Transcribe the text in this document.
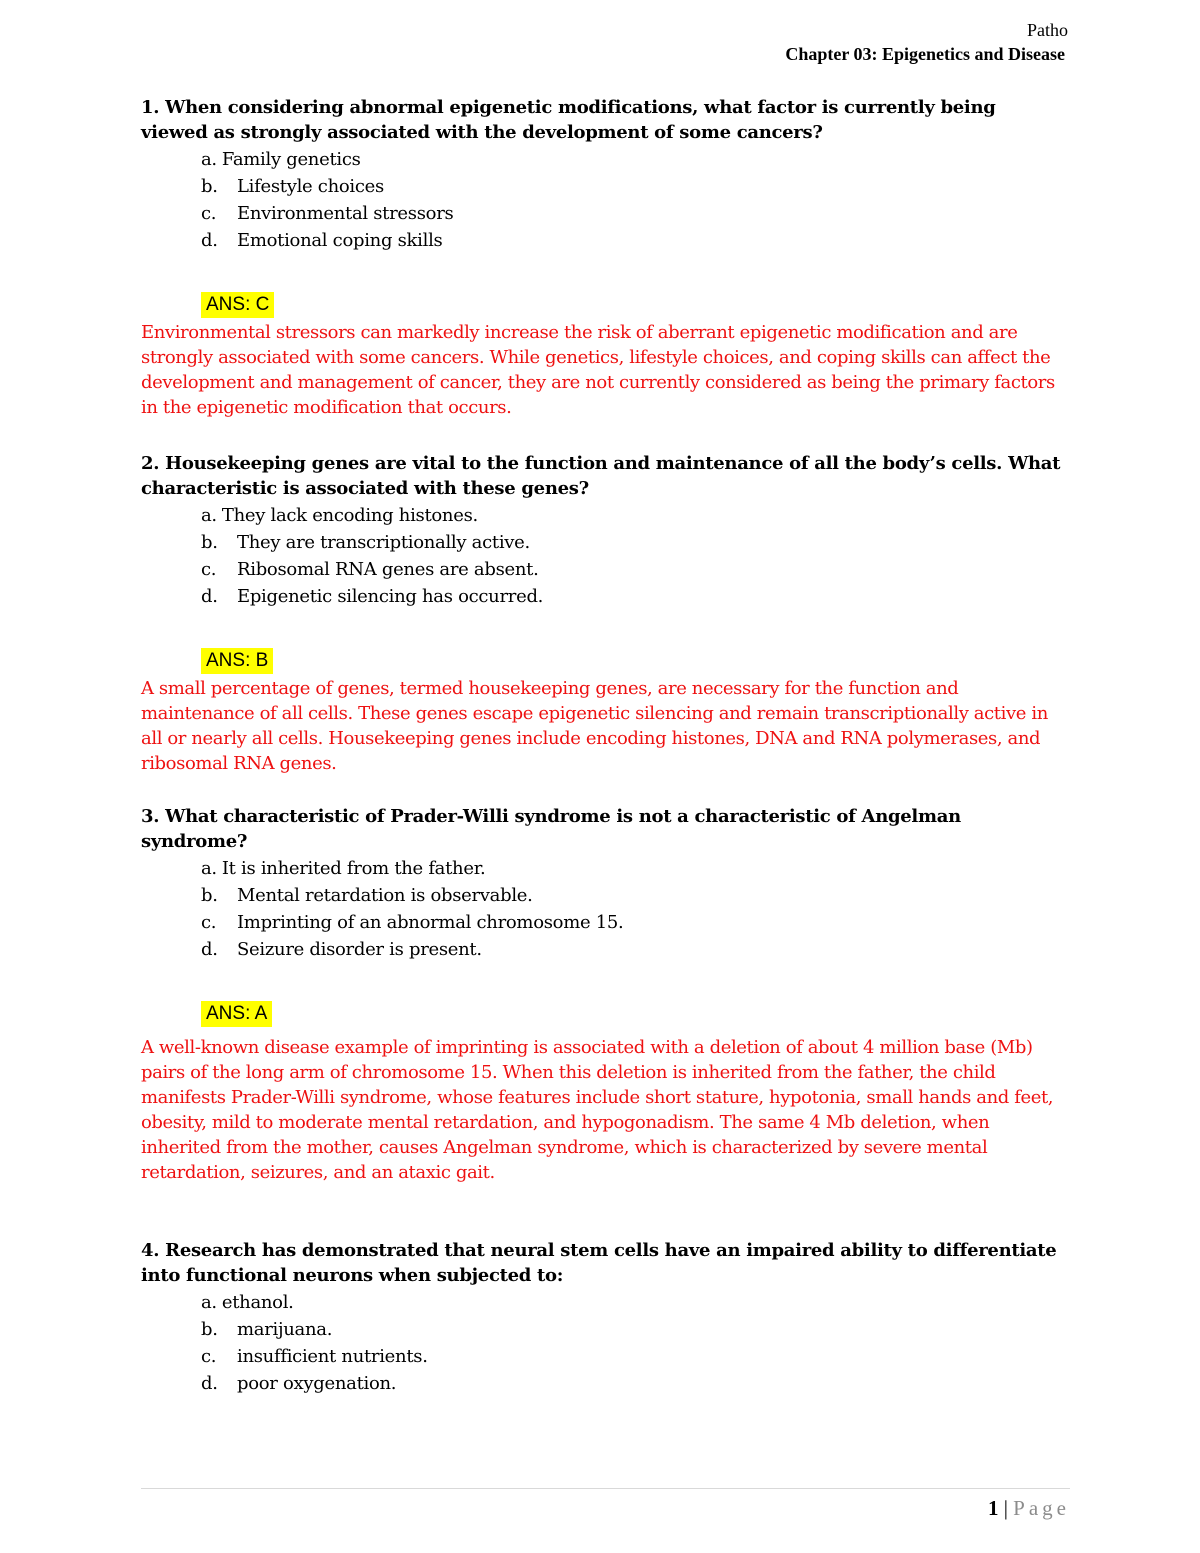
Patho
Chapter 03: Epigenetics and Disease

1. When considering abnormal epigenetic modifications, what factor is currently being viewed as strongly associated with the development of some cancers?

a. Family genetics
b. Lifestyle choices
c. Environmental stressors
d. Emotional coping skills
ANS: C

Environmental stressors can markedly increase the risk of aberrant epigenetic modification and are strongly associated with some cancers. While genetics, lifestyle choices, and coping skills can affect the development and management of cancer, they are not currently considered as being the primary factors in the epigenetic modification that occurs.

2. Housekeeping genes are vital to the function and maintenance of all the body’s cells. What characteristic is associated with these genes?

a. They lack encoding histones.
b. They are transcriptionally active.
c. Ribosomal RNA genes are absent.
d. Epigenetic silencing has occurred.
ANS: B

A small percentage of genes, termed housekeeping genes, are necessary for the function and maintenance of all cells. These genes escape epigenetic silencing and remain transcriptionally active in all or nearly all cells. Housekeeping genes include encoding histones, DNA and RNA polymerases, and ribosomal RNA genes.

3. What characteristic of Prader-Willi syndrome is not a characteristic of Angelman syndrome?

a. It is inherited from the father.
b. Mental retardation is observable.
c. Imprinting of an abnormal chromosome 15.
d. Seizure disorder is present.
ANS: A

A well-known disease example of imprinting is associated with a deletion of about 4 million base (Mb) pairs of the long arm of chromosome 15. When this deletion is inherited from the father, the child manifests Prader-Willi syndrome, whose features include short stature, hypotonia, small hands and feet, obesity, mild to moderate mental retardation, and hypogonadism. The same 4 Mb deletion, when inherited from the mother, causes Angelman syndrome, which is characterized by severe mental retardation, seizures, and an ataxic gait.

4. Research has demonstrated that neural stem cells have an impaired ability to differentiate into functional neurons when subjected to:

a. ethanol.
b. marijuana.
c. insufficient nutrients.
d. poor oxygenation.
1 | Page
